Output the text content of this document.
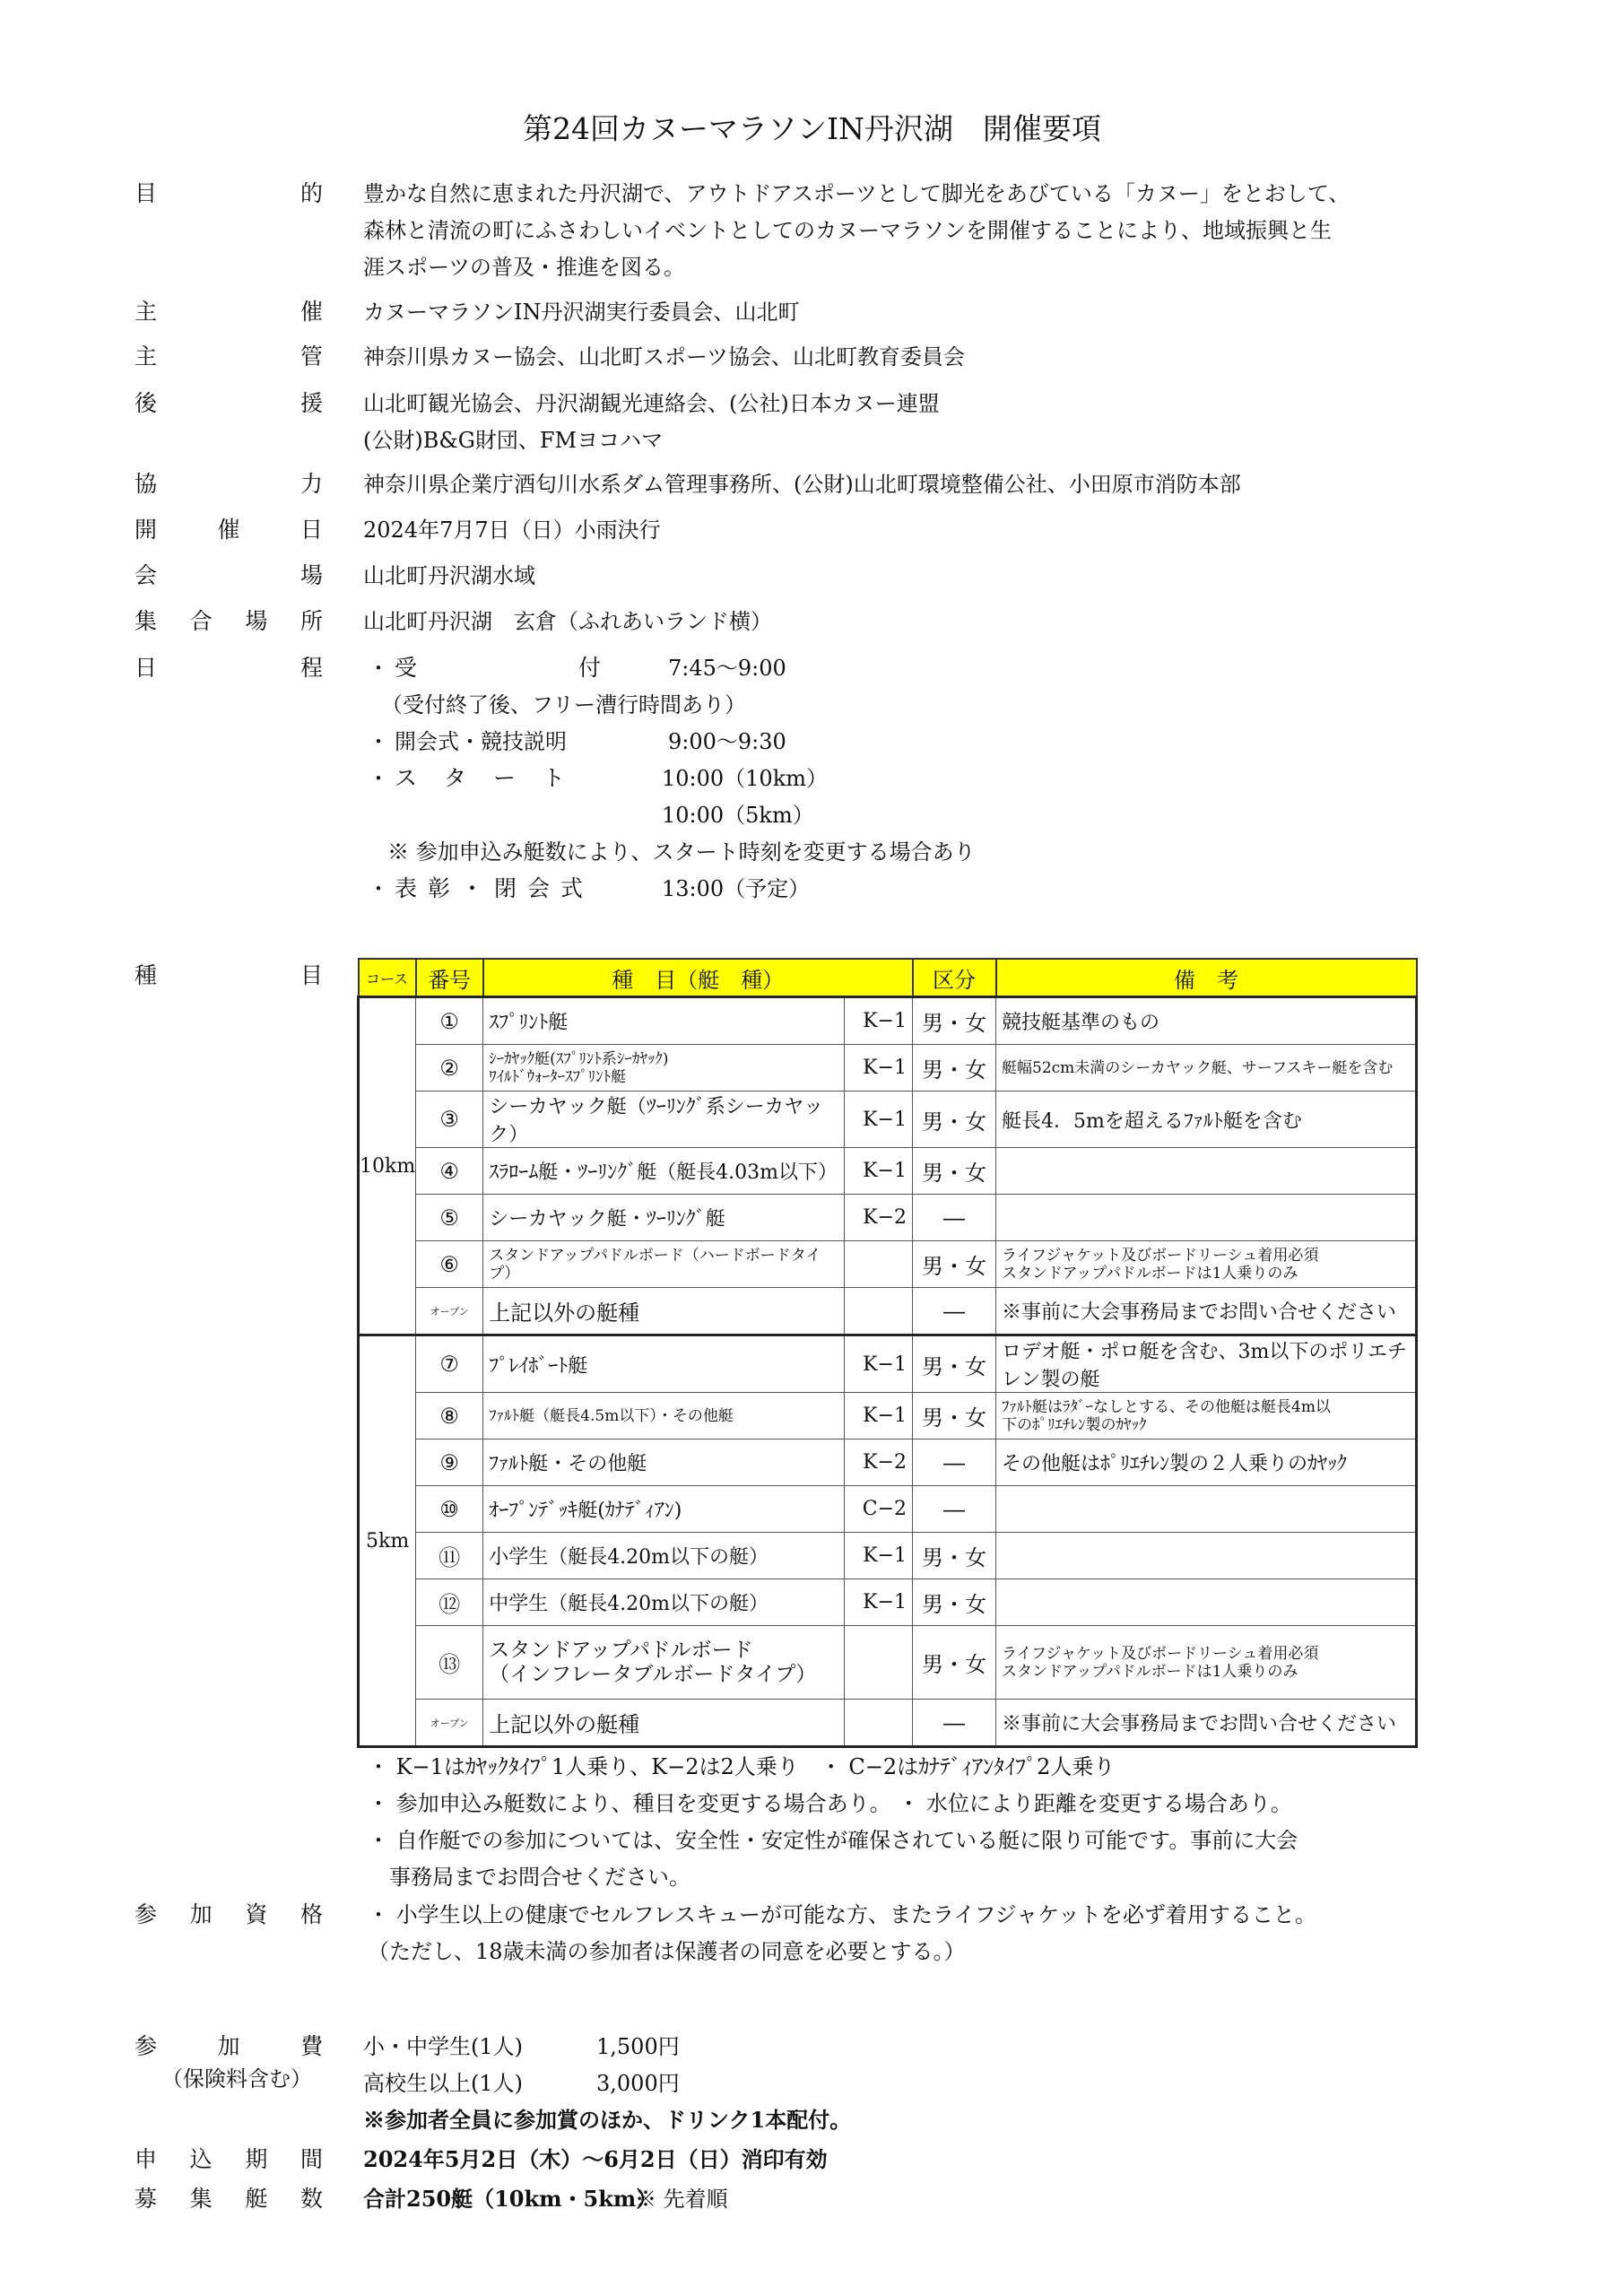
第24回カヌーマラソンIN丹沢湖　開催要項
目	的 豊かな自然に恵まれた丹沢湖で、アウトドアスポーツとして脚光をあびている「カヌー」をとおして、
森林と清流の町にふさわしいイベントとしてのカヌーマラソンを開催することにより、地域振興と生
涯スポーツの普及・推進を図る。
主	催 カヌーマラソンIN丹沢湖実行委員会、山北町
主	管 神奈川県カヌー協会、山北町スポーツ協会、山北町教育委員会
後	援 山北町観光協会、丹沢湖観光連絡会、(公社)日本カヌー連盟
(公財)B&G財団、FMヨコハマ
協	力 神奈川県企業庁酒匂川水系ダム管理事務所、(公財)山北町環境整備公社、小田原市消防本部
開	催	日 2024年7月7日（日）小雨決行
会	場 山北町丹沢湖水域
集 合 場 所 山北町丹沢湖　玄倉（ふれあいランド横）
日	程 ・ 受	付	7:45〜9:00
（受付終了後、フリー漕行時間あり）
・ 開会式・競技説明	9:00〜9:30
・ ス タ ー ト	10:00（10km）
10:00（5km）
※ 参加申込み艇数により、スタート時刻を変更する場合あり
・ 表 彰 ・ 閉 会 式	13:00（予定）
種	目	コース	番号	種　目（艇　種）		区分	備　考
10km	①	ｽﾌﾟﾘﾝﾄ艇	K−1	男・女	競技艇基準のもの
	②	ｼｰｶﾔｯｸ艇(ｽﾌﾟﾘﾝﾄ系ｼｰｶﾔｯｸ)
ﾜｲﾙﾄﾞｳｫｰﾀｰｽﾌﾟﾘﾝﾄ艇	K−1	男・女	艇幅52cm未満のシーカヤック艇、サーフスキー艇を含む
	③	シーカヤック艇（ﾂｰﾘﾝｸﾞ系シーカヤック）	K−1	男・女	艇長4．5mを超えるﾌｧﾙﾄ艇を含む
	④	ｽﾗﾛｰﾑ艇・ﾂｰﾘﾝｸﾞ艇（艇長4.03m以下）	K−1	男・女	
	⑤	シーカヤック艇・ﾂｰﾘﾝｸﾞ艇	K−2	―	
	⑥	スタンドアップパドルボード（ハードボードタイプ）		男・女	ライフジャケット及びボードリーシュ着用必須
スタンドアップパドルボードは1人乗りのみ
	オープン	上記以外の艇種		―	※事前に大会事務局までお問い合せください
5km	⑦	ﾌﾟﾚｲﾎﾞｰﾄ艇	K−1	男・女	ロデオ艇・ポロ艇を含む、3m以下のポリエチレン製の艇
	⑧	ﾌｧﾙﾄ艇（艇長4.5m以下）・その他艇	K−1	男・女	ﾌｧﾙﾄ艇はﾗﾀﾞｰなしとする、その他艇は艇長4m以
下のﾎﾟﾘｴﾁﾚﾝ製のｶﾔｯｸ
	⑨	ﾌｧﾙﾄ艇・その他艇	K−2	―	その他艇はﾎﾟﾘｴﾁﾚﾝ製の２人乗りのｶﾔｯｸ
	⑩	ｵｰﾌﾟﾝﾃﾞｯｷ艇(ｶﾅﾃﾞｨｱﾝ)	C−2	―	
	⑪	小学生（艇長4.20m以下の艇）	K−1	男・女	
	⑫	中学生（艇長4.20m以下の艇）	K−1	男・女	
	⑬	スタンドアップパドルボード
（インフレータブルボードタイプ）		男・女	ライフジャケット及びボードリーシュ着用必須
スタンドアップパドルボードは1人乗りのみ
	オープン	上記以外の艇種		―	※事前に大会事務局までお問い合せください
・ K−1はｶﾔｯｸﾀｲﾌﾟ1人乗り、K−2は2人乗り　・ C−2はｶﾅﾃﾞｨｱﾝﾀｲﾌﾟ2人乗り
・ 参加申込み艇数により、種目を変更する場合あり。 ・ 水位により距離を変更する場合あり。
・ 自作艇での参加については、安全性・安定性が確保されている艇に限り可能です。事前に大会
　事務局までお問合せください。
参 加 資 格 ・ 小学生以上の健康でセルフレスキューが可能な方、またライフジャケットを必ず着用すること。
（ただし、18歳未満の参加者は保護者の同意を必要とする。）
参	加	費
（保険料含む）
小・中学生(1人)	1,500円
高校生以上(1人)	3,000円
※参加者全員に参加賞のほか、ドリンク1本配付。
申 込 期 間 2024年5月2日（木）〜6月2日（日）消印有効
募 集 艇 数 合計250艇（10km・5km）
※ 先着順
